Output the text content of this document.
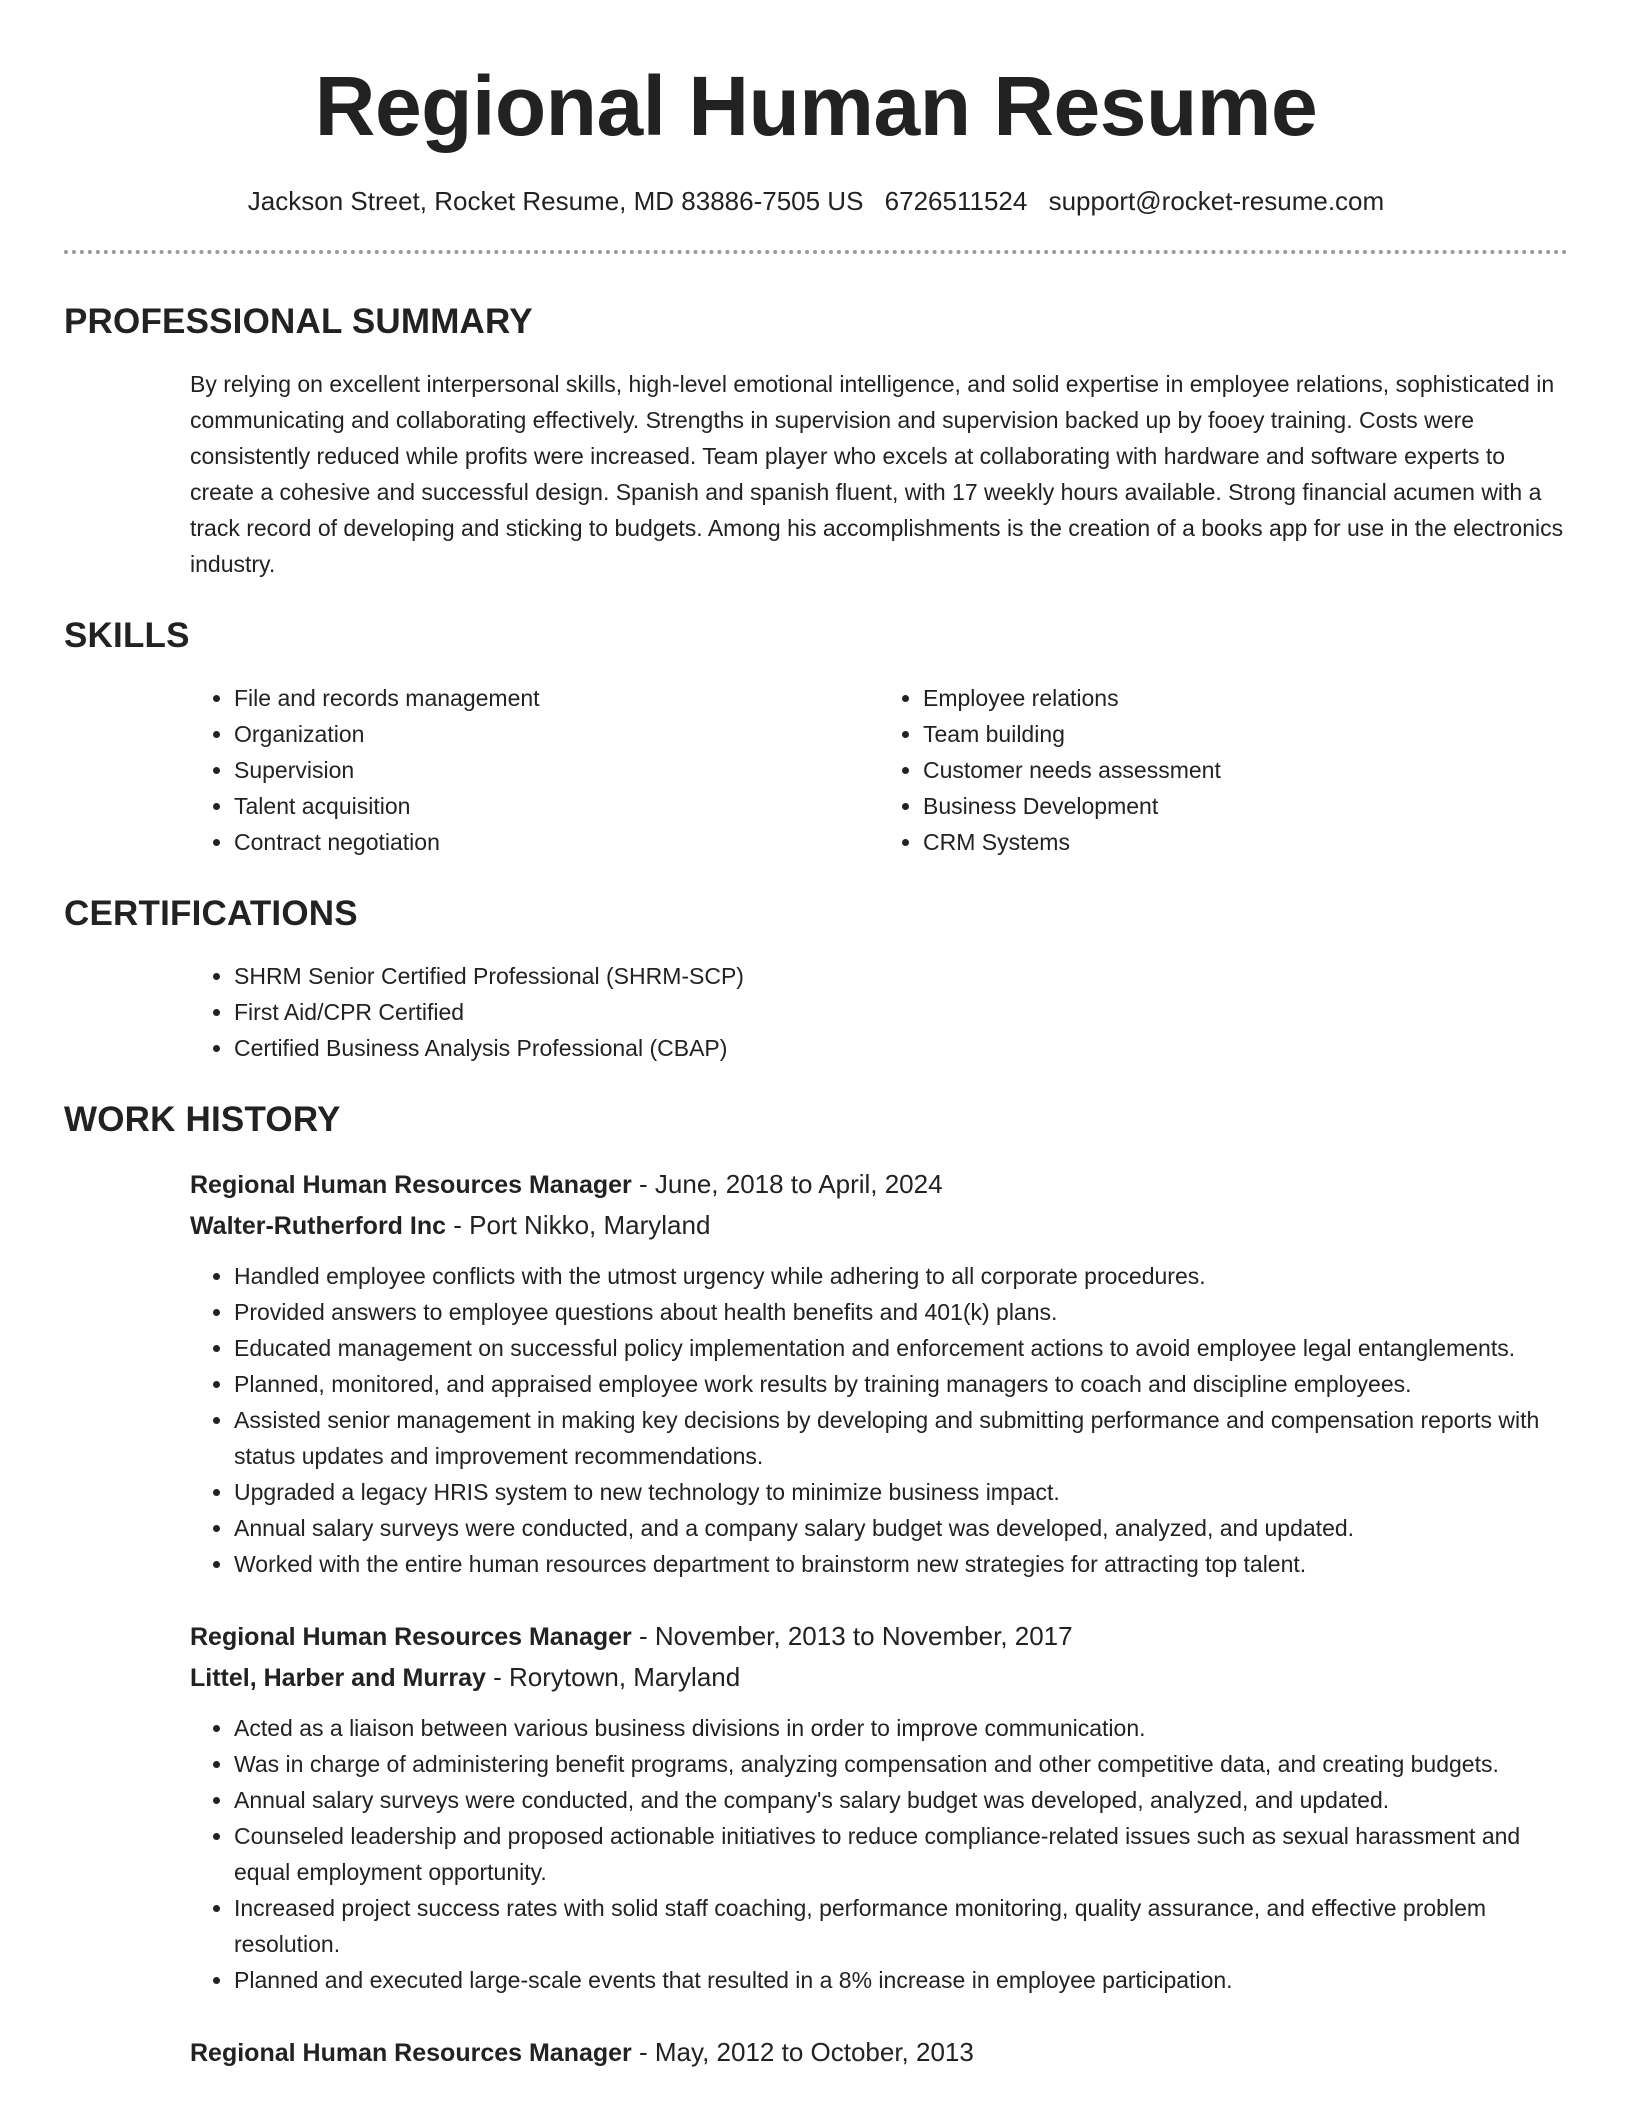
Regional Human Resume
Jackson Street, Rocket Resume, MD 83886-7505 US 6726511524 support@rocket-resume.com
PROFESSIONAL SUMMARY
By relying on excellent interpersonal skills, high-level emotional intelligence, and solid expertise in employee relations, sophisticated in communicating and collaborating effectively. Strengths in supervision and supervision backed up by fooey training. Costs were consistently reduced while profits were increased. Team player who excels at collaborating with hardware and software experts to create a cohesive and successful design. Spanish and spanish fluent, with 17 weekly hours available. Strong financial acumen with a track record of developing and sticking to budgets. Among his accomplishments is the creation of a books app for use in the electronics industry.
SKILLS
• File and records management
• Organization
• Supervision
• Talent acquisition
• Contract negotiation
• Employee relations
• Team building
• Customer needs assessment
• Business Development
• CRM Systems
CERTIFICATIONS
• SHRM Senior Certified Professional (SHRM-SCP)
• First Aid/CPR Certified
• Certified Business Analysis Professional (CBAP)
WORK HISTORY
Regional Human Resources Manager - June, 2018 to April, 2024
Walter-Rutherford Inc - Port Nikko, Maryland
• Handled employee conflicts with the utmost urgency while adhering to all corporate procedures.
• Provided answers to employee questions about health benefits and 401(k) plans.
• Educated management on successful policy implementation and enforcement actions to avoid employee legal entanglements.
• Planned, monitored, and appraised employee work results by training managers to coach and discipline employees.
• Assisted senior management in making key decisions by developing and submitting performance and compensation reports with status updates and improvement recommendations.
• Upgraded a legacy HRIS system to new technology to minimize business impact.
• Annual salary surveys were conducted, and a company salary budget was developed, analyzed, and updated.
• Worked with the entire human resources department to brainstorm new strategies for attracting top talent.
Regional Human Resources Manager - November, 2013 to November, 2017
Littel, Harber and Murray - Rorytown, Maryland
• Acted as a liaison between various business divisions in order to improve communication.
• Was in charge of administering benefit programs, analyzing compensation and other competitive data, and creating budgets.
• Annual salary surveys were conducted, and the company's salary budget was developed, analyzed, and updated.
• Counseled leadership and proposed actionable initiatives to reduce compliance-related issues such as sexual harassment and equal employment opportunity.
• Increased project success rates with solid staff coaching, performance monitoring, quality assurance, and effective problem resolution.
• Planned and executed large-scale events that resulted in a 8% increase in employee participation.
Regional Human Resources Manager - May, 2012 to October, 2013
